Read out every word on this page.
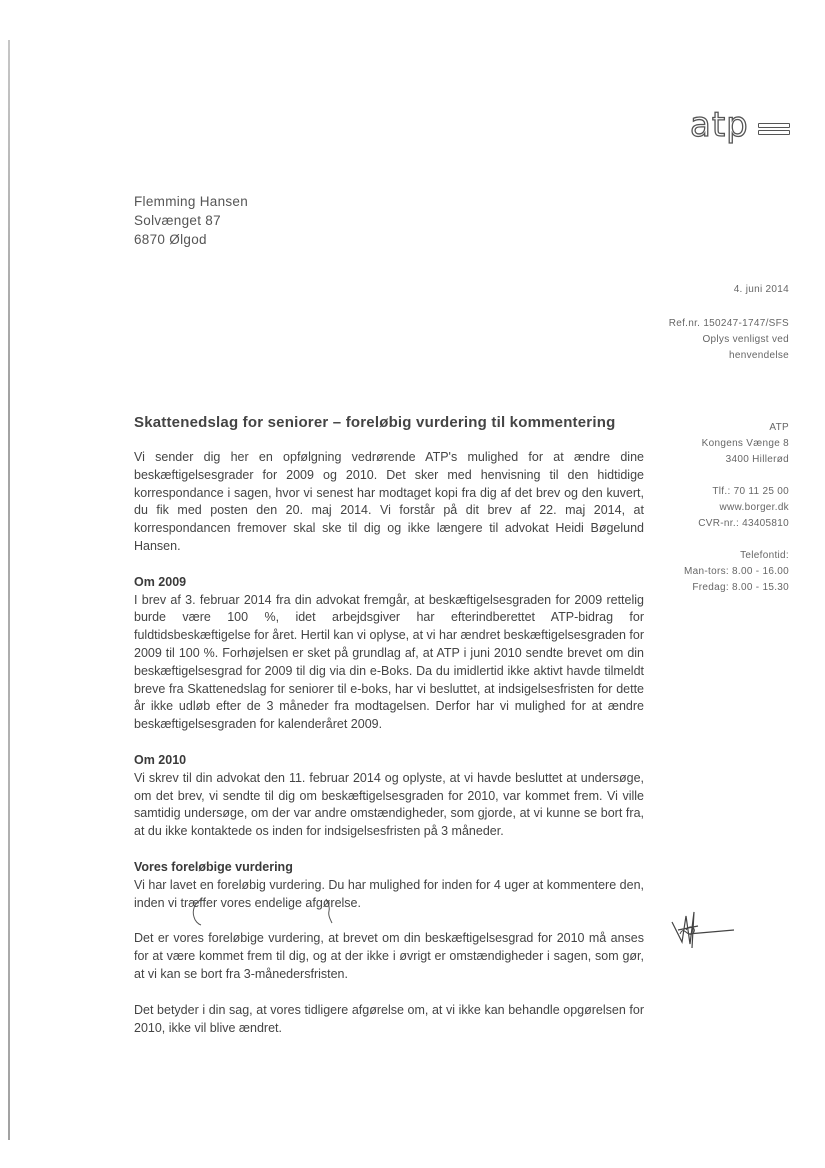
atp
Flemming Hansen
Solvænget 87
6870 Ølgod
4. juni 2014
Ref.nr. 150247-1747/SFS
Oplys venligst ved
henvendelse
ATP
Kongens Vænge 8
3400 Hillerød
Tlf.: 70 11 25 00
www.borger.dk
CVR-nr.: 43405810
Telefontid:
Man-tors: 8.00 - 16.00
Fredag: 8.00 - 15.30
Skattenedslag for seniorer – foreløbig vurdering til kommentering

Vi sender dig her en opfølgning vedrørende ATP's mulighed for at ændre dine beskæftigelsesgrader for 2009 og 2010. Det sker med henvisning til den hidtidige korrespondance i sagen, hvor vi senest har modtaget kopi fra dig af det brev og den kuvert, du fik med posten den 20. maj 2014. Vi forstår på dit brev af 22. maj 2014, at korrespondancen fremover skal ske til dig og ikke længere til advokat Heidi Bøgelund Hansen.

Om 2009

I brev af 3. februar 2014 fra din advokat fremgår, at beskæftigelsesgraden for 2009 rettelig burde være 100 %, idet arbejdsgiver har efterindberettet ATP-bidrag for fuldtidsbeskæftigelse for året. Hertil kan vi oplyse, at vi har ændret beskæftigelsesgraden for 2009 til 100 %. Forhøjelsen er sket på grundlag af, at ATP i juni 2010 sendte brevet om din beskæftigelsesgrad for 2009 til dig via din e-Boks. Da du imidlertid ikke aktivt havde tilmeldt breve fra Skattenedslag for seniorer til e-boks, har vi besluttet, at indsigelsesfristen for dette år ikke udløb efter de 3 måneder fra modtagelsen. Derfor har vi mulighed for at ændre beskæftigelsesgraden for kalenderåret 2009.

Om 2010

Vi skrev til din advokat den 11. februar 2014 og oplyste, at vi havde besluttet at undersøge, om det brev, vi sendte til dig om beskæftigelsesgraden for 2010, var kommet frem. Vi ville samtidig undersøge, om der var andre omstændigheder, som gjorde, at vi kunne se bort fra, at du ikke kontaktede os inden for indsigelsesfristen på 3 måneder.

Vores foreløbige vurdering

Vi har lavet en foreløbig vurdering. Du har mulighed for inden for 4 uger at kommentere den, inden vi træffer vores endelige afgørelse.

Det er vores foreløbige vurdering, at brevet om din beskæftigelsesgrad for 2010 må anses for at være kommet frem til dig, og at der ikke i øvrigt er omstændigheder i sagen, som gør, at vi kan se bort fra 3-månedersfristen.

Det betyder i din sag, at vores tidligere afgørelse om, at vi ikke kan behandle opgørelsen for 2010, ikke vil blive ændret.
